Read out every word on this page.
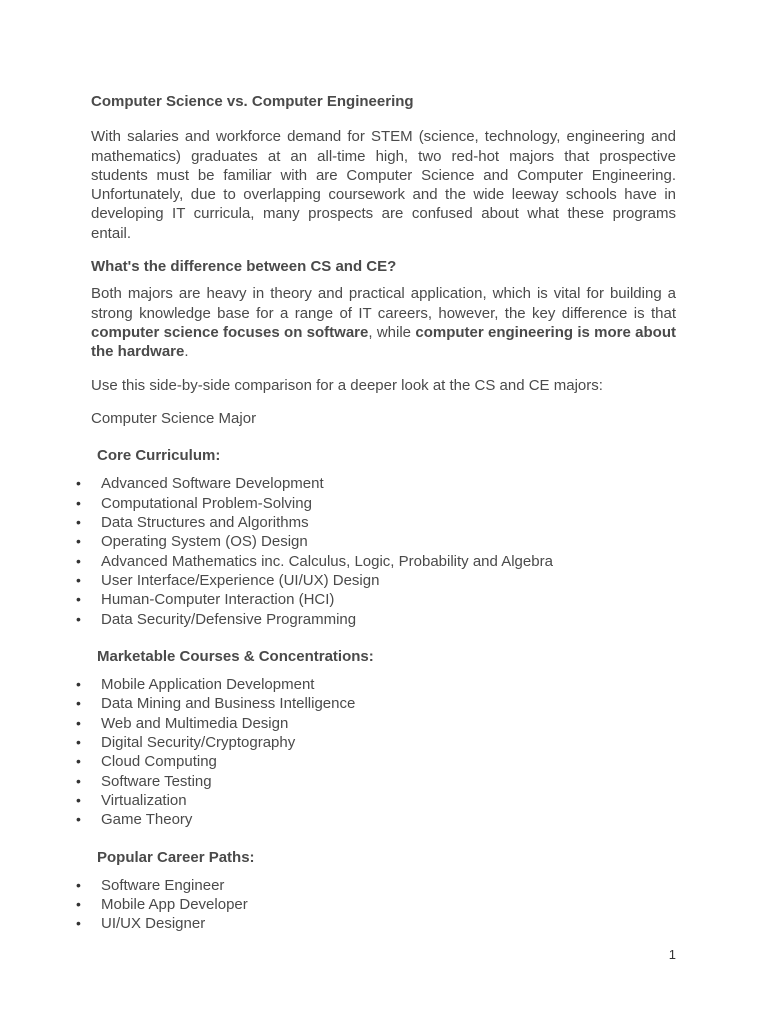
Computer Science vs. Computer Engineering

With salaries and workforce demand for STEM (science, technology, engineering and mathematics) graduates at an all-time high, two red-hot majors that prospective students must be familiar with are Computer Science and Computer Engineering. Unfortunately, due to overlapping coursework and the wide leeway schools have in developing IT curricula, many prospects are confused about what these programs entail.

What's the difference between CS and CE?

Both majors are heavy in theory and practical application, which is vital for building a strong knowledge base for a range of IT careers, however, the key difference is that computer science focuses on software, while computer engineering is more about the hardware.

Use this side-by-side comparison for a deeper look at the CS and CE majors:

Computer Science Major

Core Curriculum:

• Advanced Software Development
• Computational Problem-Solving
• Data Structures and Algorithms
• Operating System (OS) Design
• Advanced Mathematics inc. Calculus, Logic, Probability and Algebra
• User Interface/Experience (UI/UX) Design
• Human-Computer Interaction (HCI)
• Data Security/Defensive Programming

Marketable Courses & Concentrations:

• Mobile Application Development
• Data Mining and Business Intelligence
• Web and Multimedia Design
• Digital Security/Cryptography
• Cloud Computing
• Software Testing
• Virtualization
• Game Theory

Popular Career Paths:

• Software Engineer
• Mobile App Developer
• UI/UX Designer
1
